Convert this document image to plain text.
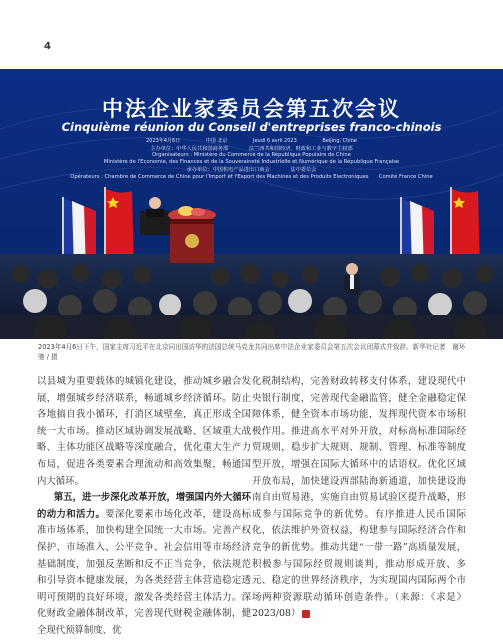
4
中法企业家委员会第五次会议
Cinquième réunion du Conseil d'entreprises franco-chinois
2023年4月6日	中国 北京	Jeudi 6 avril 2023	Beijing, Chine
主办单位：中华人民共和国商务部　　　　法兰西共和国经济、财政和工业与数字主权部
Organisateurs : Ministère du Commerce de la République Populaire de Chine
Ministère de l'Economie, des Finances et de la Souveraineté Industrielle et Numérique de la République Française
承办单位：中国机电产品进出口商会　　　　法中委员会
Opérateurs : Chambre de Commerce de Chine pour l'Import et l'Export des Machines et des Produits Electroniques　　Comité France Chine
2023年4月6日下午，国家主席习近平在北京同出国访华的法国总统马克龙共同出席中法企业家委员会第五次会议闭幕式并致辞。新华社记者　谢环驰 / 摄

以县城为重要载体的城镇化建设，推动城乡融合发展，增强城乡经济联系，畅通城乡经济循环。防止各地搞自我小循环，打消区域壁垒，真正形成全国统一大市场。推动区域协调发展战略、区域重大战略、主体功能区战略等深度融合，优化重大生产力布局，促进各类要素合理流动和高效集聚，畅通国内大循环。

第五，进一步深化改革开放，增强国内外大循环的动力和活力。要深化要素市场化改革，建设高标准市场体系，加快构建全国统一大市场。完善产权保护、市场准入、公平竞争、社会信用等市场经济基础制度，加强反垄断和反不正当竞争，依法规范和引导资本健康发展，为各类经营主体营造稳定透明可预期的良好环境，激发各类经营主体活力。深化财政金融体制改革，完善现代财税金融体制，健全现代预算制度、优

化税制结构，完善财政转移支付体系，建设现代中央银行制度，完善现代金融监管，健全金融稳定保障体系，健全资本市场功能，发挥现代资本市场积极作用。推进高水平对外开放，对标高标准国际经贸规则，稳步扩大规则、规制、管理、标准等制度型开放，增强在国际大循环中的话语权。优化区域开放布局，加快建设西部陆海新通道，加快建设海南自由贸易港，实施自由贸易试验区提升战略，形成参与国际竞争的新优势。有序推进人民币国际化，依法维护外资权益，构建参与国际经济合作和竞争的新优势。推动共建“一带一路”高质量发展，积极参与国际经贸规则谈判，推动形成开放、多元、稳定的世界经济秩序，为实现国内国际两个市场两种资源联动循环创造条件。（来源：《求是》2023/08）
